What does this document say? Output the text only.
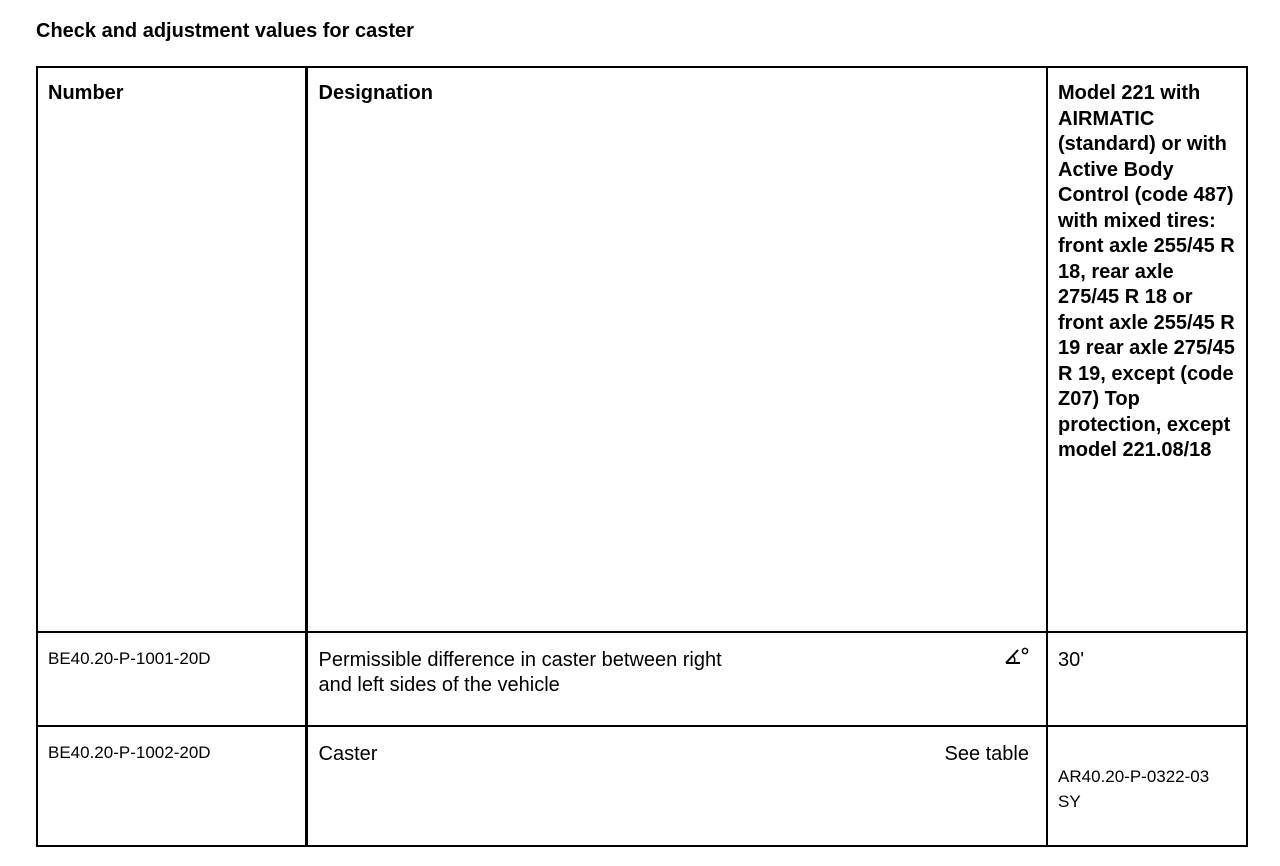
Check and adjustment values for caster
Number	Designation	Model 221 with AIRMATIC (standard) or with Active Body Control (code 487) with mixed tires: front axle 255/45 R 18, rear axle 275/45 R 18 or front axle 255/45 R 19 rear axle 275/45 R 19, except (code Z07) Top protection, except model 221.08/18

BE40.20-P-1001-20D	Permissible difference in caster between right and left sides of the vehicle	30'

BE40.20-P-1002-20D	Caster See table	AR40.20-P-0322-03
SY
